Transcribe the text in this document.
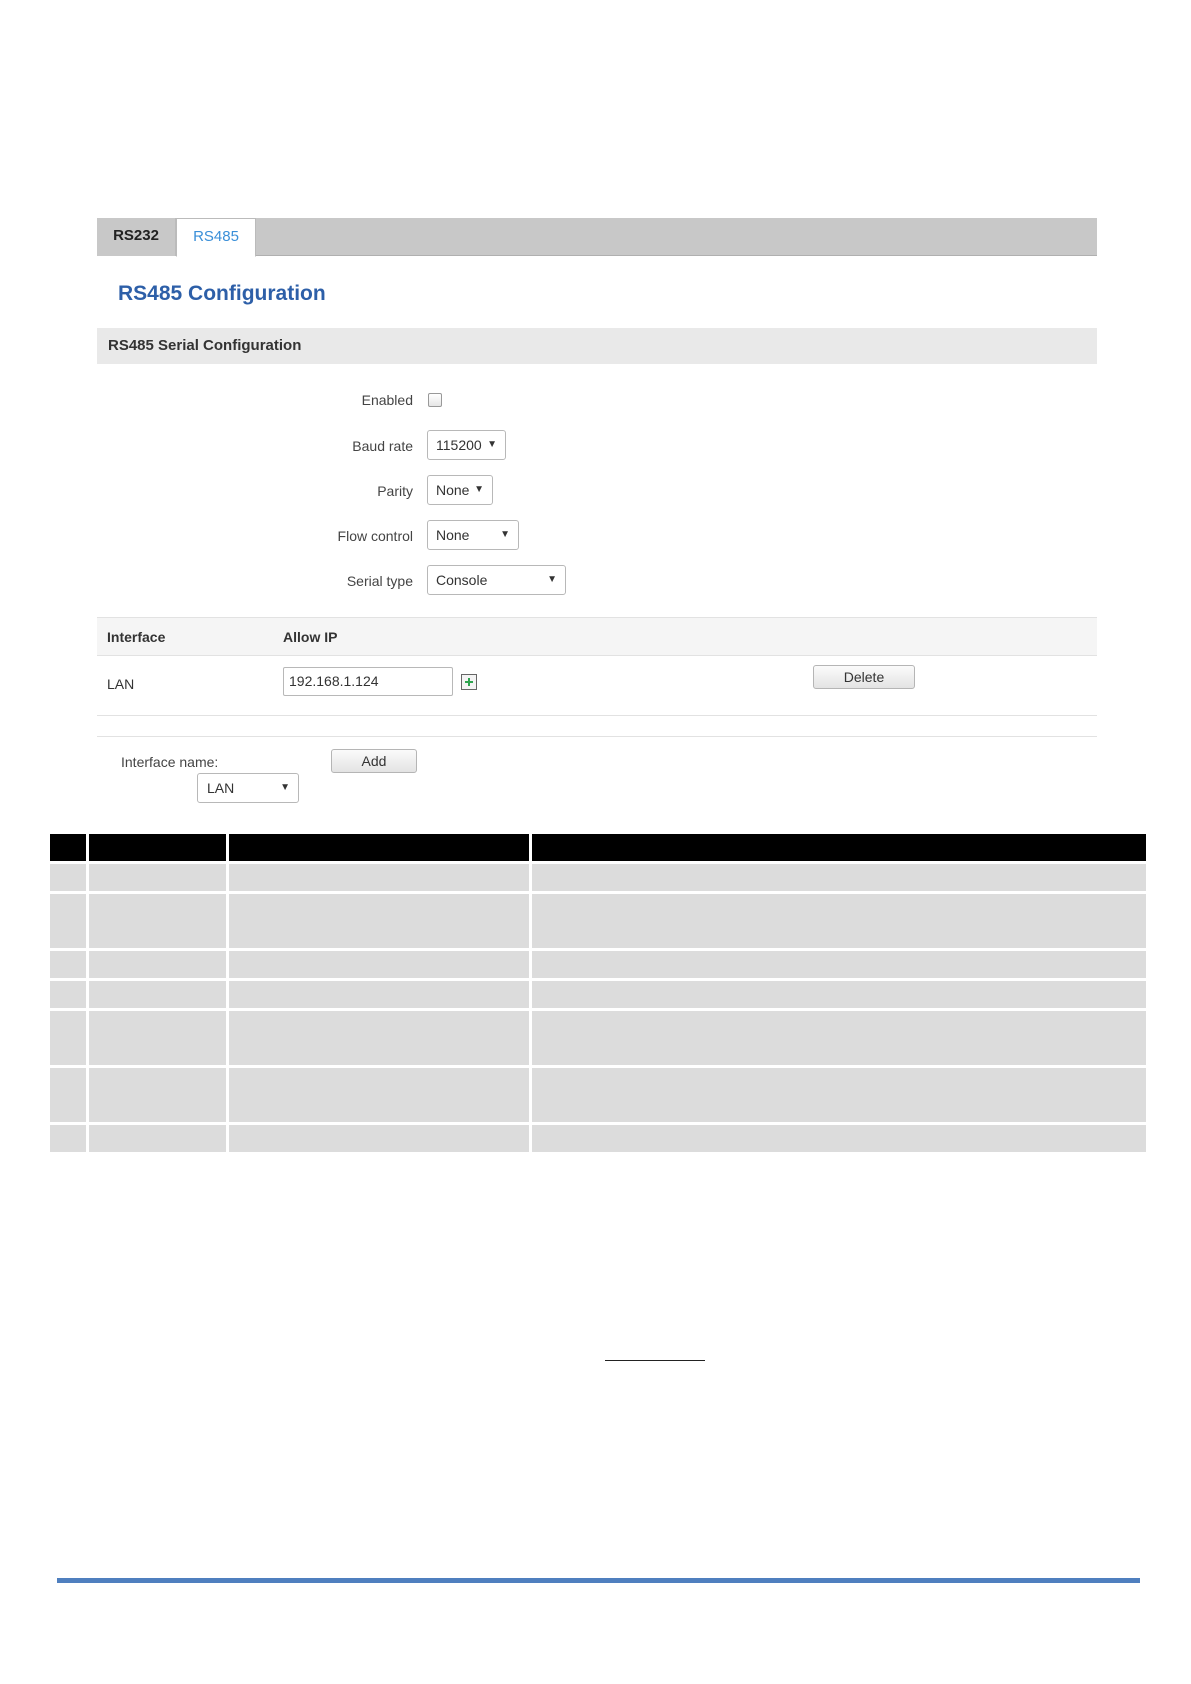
RS232	RS485
RS485 Configuration
RS485 Serial Configuration
Enabled
Baud rate	115200 ▼
Parity	None ▼
Flow control	None	▼
Serial type	Console	▼
Interface	Allow IP
LAN	192.168.1.124	Delete
Interface name:	Add
LAN	▼
